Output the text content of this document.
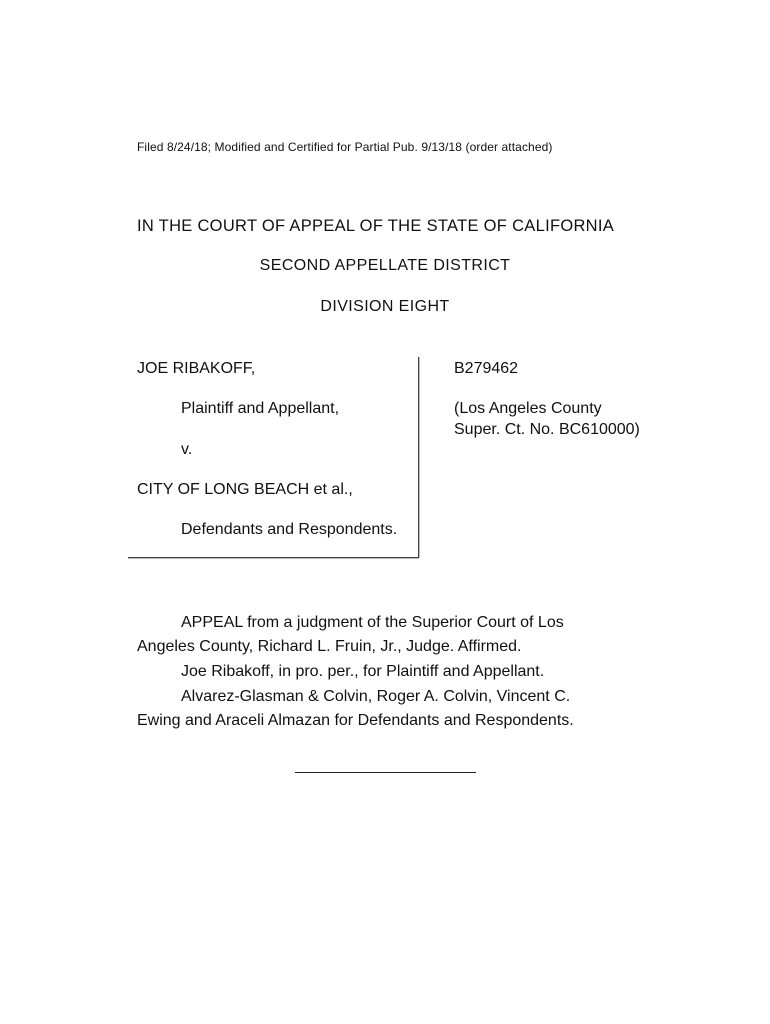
Filed 8/24/18; Modified and Certified for Partial Pub. 9/13/18 (order attached)
IN THE COURT OF APPEAL OF THE STATE OF CALIFORNIA
SECOND APPELLATE DISTRICT
DIVISION EIGHT
JOE RIBAKOFF,
Plaintiff and Appellant,
v.
CITY OF LONG BEACH et al.,
Defendants and Respondents.
B279462
(Los Angeles County
Super. Ct. No. BC610000)
APPEAL from a judgment of the Superior Court of Los
Angeles County, Richard L. Fruin, Jr., Judge. Affirmed.
Joe Ribakoff, in pro. per., for Plaintiff and Appellant.
Alvarez-Glasman & Colvin, Roger A. Colvin, Vincent C.
Ewing and Araceli Almazan for Defendants and Respondents.
